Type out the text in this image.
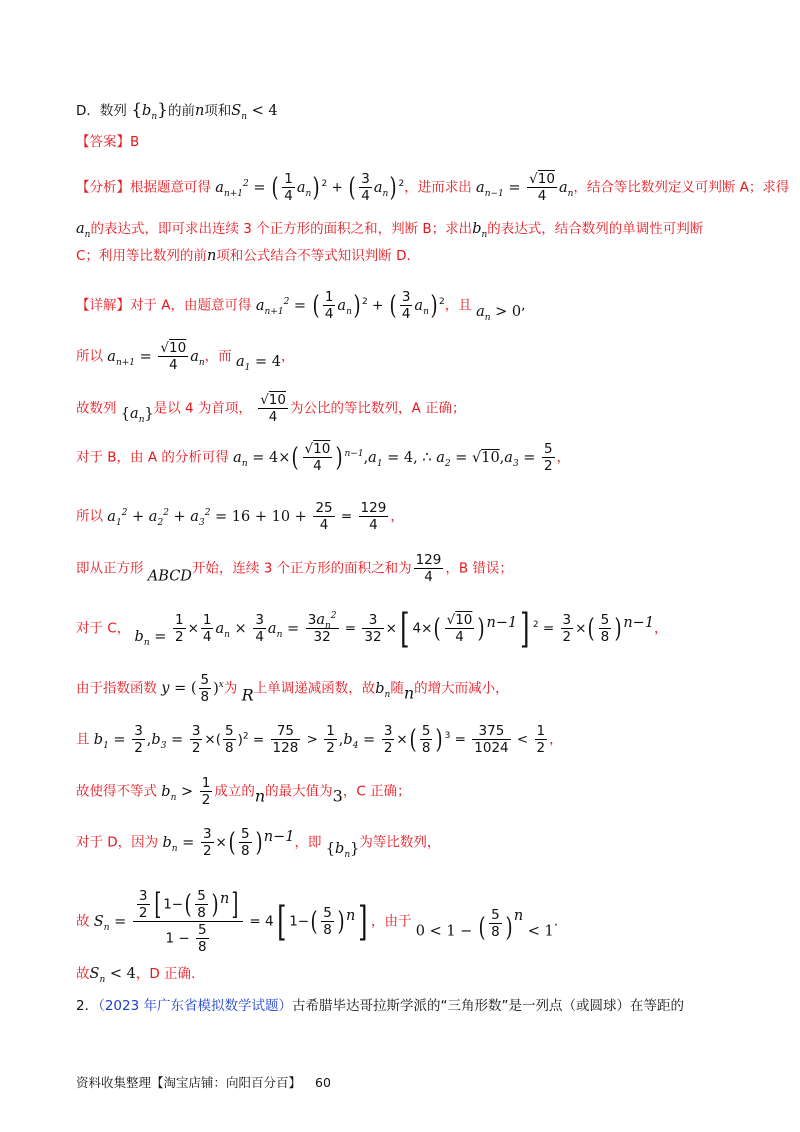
D．数列 $\{b_n\}$的前n项和$S_n < 4$
【答案】B
【分析】根据题意可得 $a_{n+1}^2$ = ( $\frac{1}{4} a_n$) $^2$ + ( $\frac{3}{4} a_n$) $^2$，进而求出 $a_{n-1} = \frac{√10}{4} a_n$，结合等比数列定义可判断 A；求得
$a_n$的表达式，即可求出连续 3 个正方形的面积之和，判断 B；求出$b_n$的表达式，结合数列的单调性可判断
C；利用等比数列的前n项和公式结合不等式知识判断 D.
【详解】对于 A，由题意可得 $a_{n+1}^2$ = ( $\frac{1}{4} a_n$) $^2$ + ( $\frac{3}{4} a_n$) $^2$，且 $a_n > 0$,
所以 $a_{n+1} = \frac{√10}{4} a_n$，而 $a_1 = 4$，
故数列 $\{a_n\}$是以 4 为首项， $\frac{√10}{4}$ 为公比的等比数列，A 正确；
对于 B，由 A 的分析可得 $a_n = 4\times( \frac{√10}{4}$ ) $^{n-1},a_1 = 4$, ∴ $a_2 = √10,a_3 = \frac{5}{2}$ ，
所以 $a_1^2 + a_2^2 + a_3^2 = 16 + 10 + \frac{25}{4} = \frac{129}{4}$ ，
即从正方形 ABCD开始，连续 3 个正方形的面积之和为 $\frac{129}{4}$ ，B 错误；
对于 C， $b_n = \frac{1}{2} \times \frac{1}{4} a_n \times \frac{3}{4} a_n = \frac{3a_n^2}{32} = \frac{3}{32}$ ×[ $4\times( \frac{√10}{4}$ ) $^{n-1}$] $^2 = \frac{3}{2}$ ×( $\frac{5}{8}$ ) $^{n-1}$，
由于指数函数 y = ( $\frac{5}{8} )^x$为 R上单调递减函数，故$b_n$随n的增大而减小，
且 $b_1 = \frac{3}{2} ,b_3 = \frac{3}{2}$ ×( $\frac{5}{8} )^2 = \frac{75}{128} > \frac{1}{2} ,b_4 = \frac{3}{2}$ ×( $\frac{5}{8}$ ) $^3 = \frac{375}{1024} < \frac{1}{2}$ ，
故使得不等式 $b_n > \frac{1}{2}$ 成立的n的最大值为3，C 正确；
对于 D，因为 $b_n = \frac{3}{2}$ ×( $\frac{5}{8}$ ) $^{n-1}$，即 $\{b_n\}$为等比数列，
故 $S_n = \frac{\frac{3}{2} [ 1-( \frac{5}{8} ) ^n]}{1 - \frac{5}{8}} = 4$[ $1-( \frac{5}{8}$ ) $^n$] ，由于 0 < 1 − ( $\frac{5}{8}$ ) $^n$ < 1.
故$S_n < 4$，D 正确.
2．（2023 年广东省模拟数学试题）古希腊毕达哥拉斯学派的“三角形数”是一列点（或圆球）在等距的
资料收集整理【淘宝店铺：向阳百分百】 60
